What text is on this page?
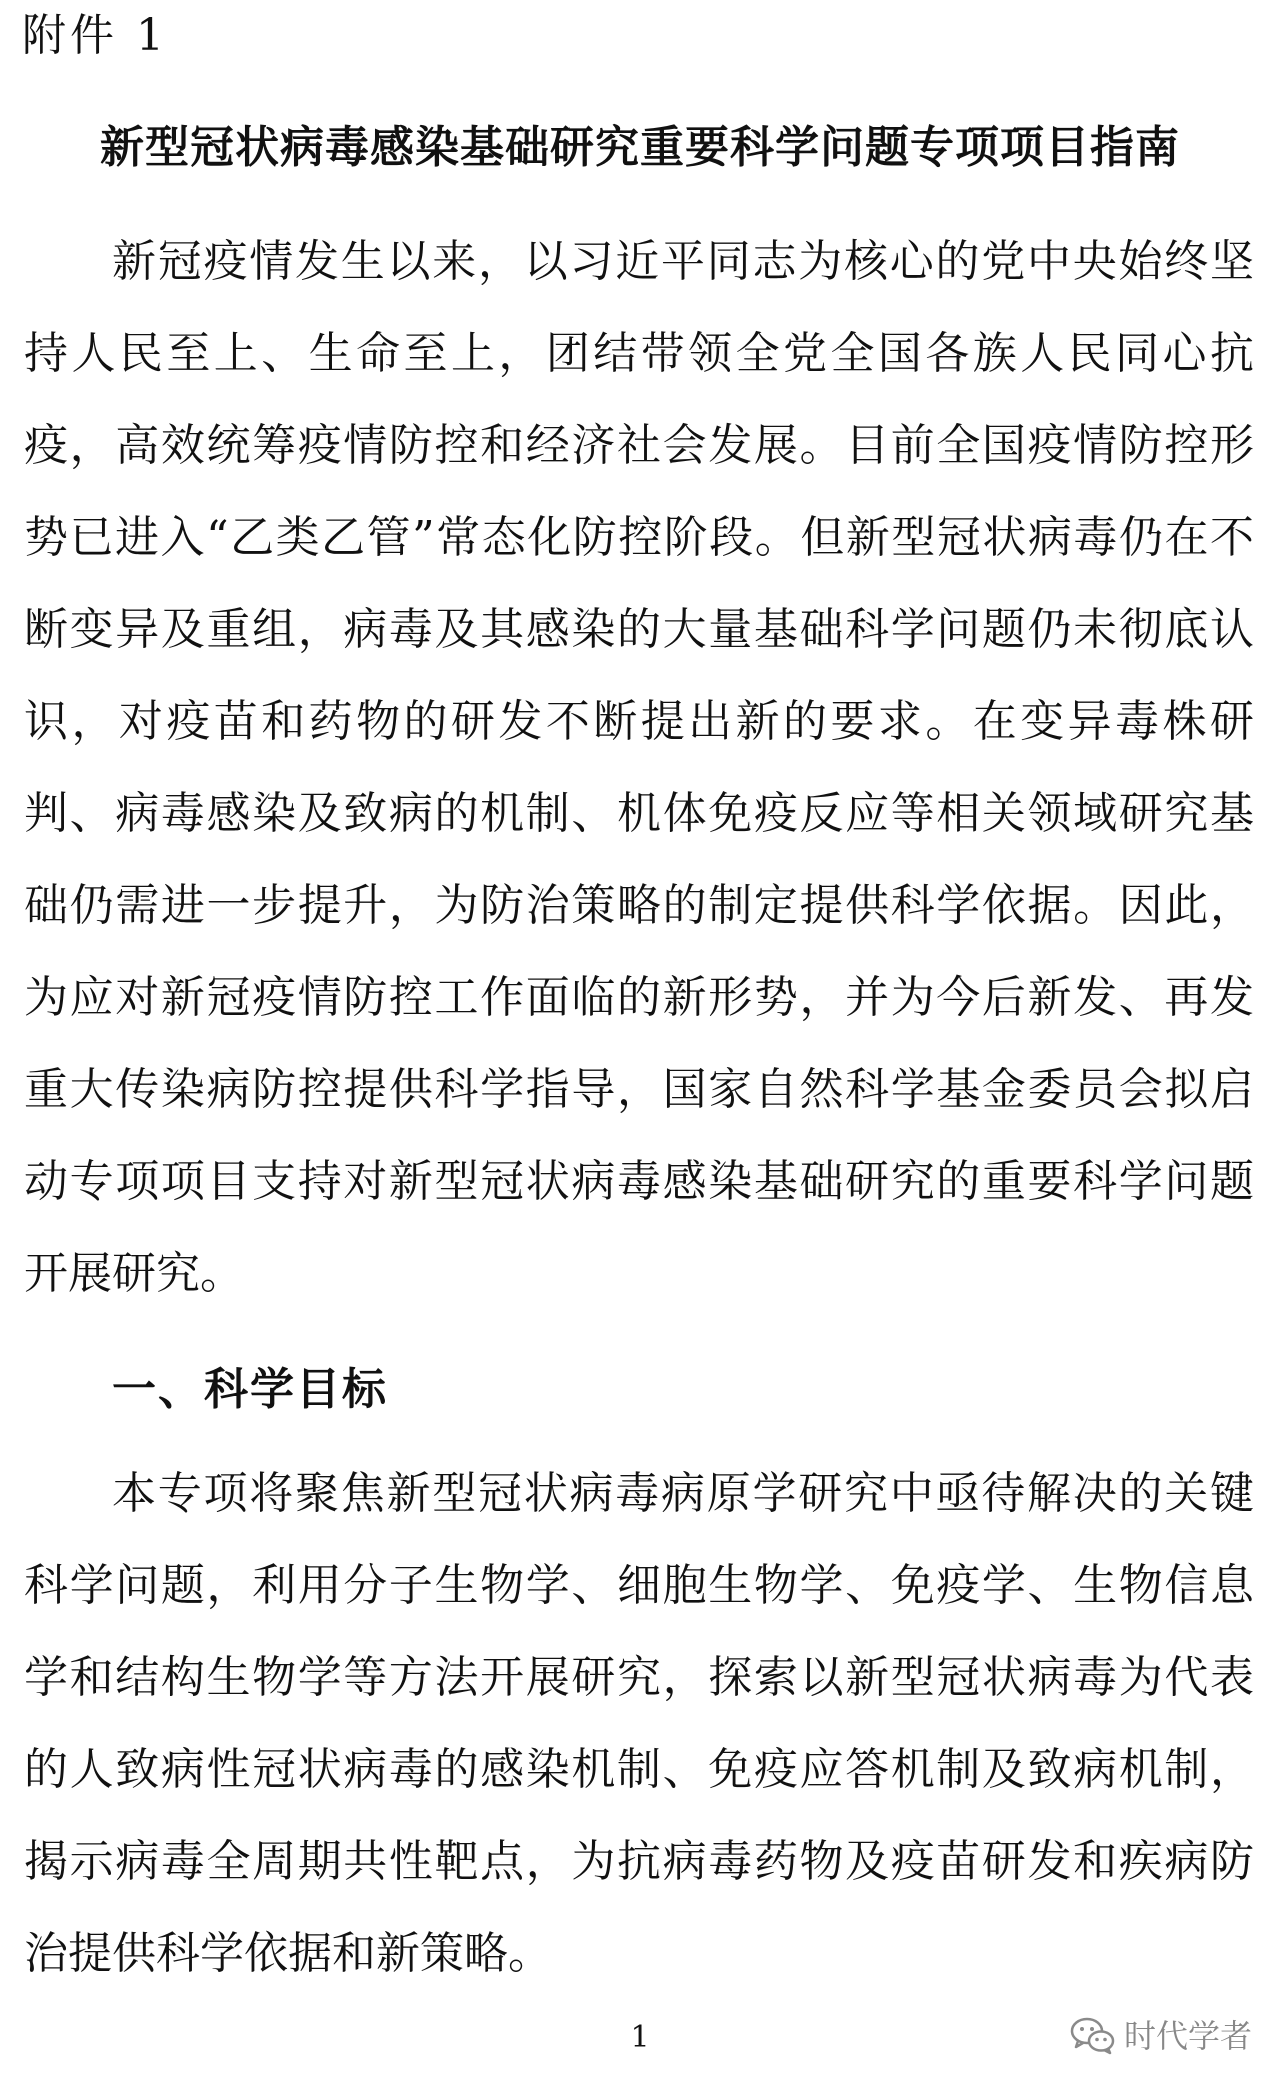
附件 1

新型冠状病毒感染基础研究重要科学问题专项项目指南

新冠疫情发生以来，以习近平同志为核心的党中央始终坚持人民至上、生命至上，团结带领全党全国各族人民同心抗疫，高效统筹疫情防控和经济社会发展。目前全国疫情防控形势已进入“乙类乙管”常态化防控阶段。但新型冠状病毒仍在不断变异及重组，病毒及其感染的大量基础科学问题仍未彻底认识，对疫苗和药物的研发不断提出新的要求。在变异毒株研判、病毒感染及致病的机制、机体免疫反应等相关领域研究基础仍需进一步提升，为防治策略的制定提供科学依据。因此，为应对新冠疫情防控工作面临的新形势，并为今后新发、再发重大传染病防控提供科学指导，国家自然科学基金委员会拟启动专项项目支持对新型冠状病毒感染基础研究的重要科学问题开展研究。

一、科学目标

本专项将聚焦新型冠状病毒病原学研究中亟待解决的关键科学问题，利用分子生物学、细胞生物学、免疫学、生物信息学和结构生物学等方法开展研究，探索以新型冠状病毒为代表的人致病性冠状病毒的感染机制、免疫应答机制及致病机制，揭示病毒全周期共性靶点，为抗病毒药物及疫苗研发和疾病防治提供科学依据和新策略。

1	时代学者
